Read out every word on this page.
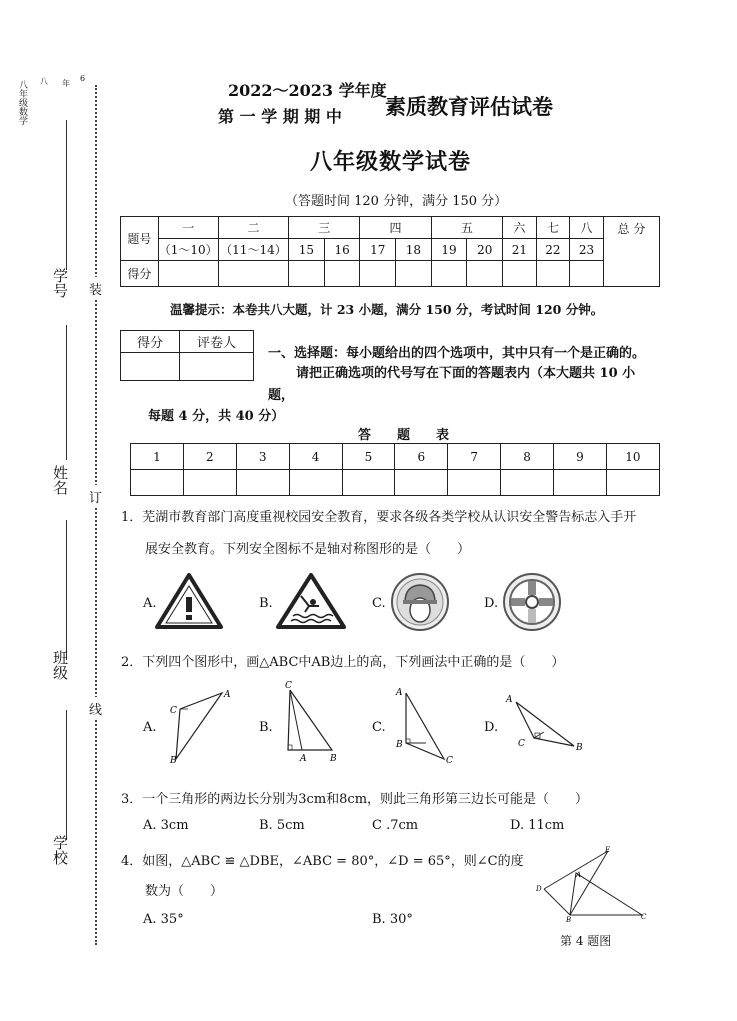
八年级数学 八 年
6
学号
姓名
班级
学校
装
订
线
2022～2023 学年度
第 一 学 期 期 中 素质教育评估试卷
八年级数学试卷
（答题时间 120 分钟，满分 150 分）
题号	一	二	三		四		五		六	七	八	总 分
	（1～10）	（11～14）	15	16	17	18	19	20	21	22	23	
得分												
温馨提示：本卷共八大题，计 23 小题，满分 150 分，考试时间 120 分钟。
得分	评卷人

一、选择题：每小题给出的四个选项中，其中只有一个是正确的。
请把正确选项的代号写在下面的答题表内（本大题共 10 小
题，
每题 4 分，共 40 分）
答　　题　　表
1	2	3	4	5	6	7	8	9	10

1．芜湖市教育部门高度重视校园安全教育，要求各级各类学校从认识安全警告标志入手开
展安全教育。下列安全图标不是轴对称图形的是（　　）
A.	B.	C.	D.
2．下列四个图形中，画△ABC中AB边上的高，下列画法中正确的是（　　）
A.
C
A
B
B.
C
A	B
C.
A
B
C
D.
A
C	B
3．一个三角形的两边长分别为3cm和8cm，则此三角形第三边长可能是（　　）
A. 3cm	B. 5cm	C .7cm	D. 11cm
4．如图，△ABC ≌ △DBE，∠ABC = 80°，∠D = 65°，则∠C的度
数为（　　）
A. 35°	B. 30°
D
E
A
B	C
第 4 题图
